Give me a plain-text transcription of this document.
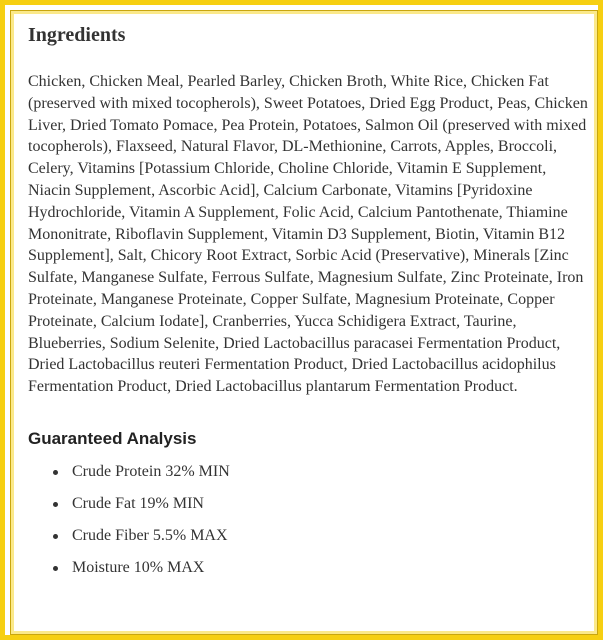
Ingredients

Chicken, Chicken Meal, Pearled Barley, Chicken Broth, White Rice, Chicken Fat (preserved with mixed tocopherols), Sweet Potatoes, Dried Egg Product, Peas, Chicken Liver, Dried Tomato Pomace, Pea Protein, Potatoes, Salmon Oil (preserved with mixed tocopherols), Flaxseed, Natural Flavor, DL-Methionine, Carrots, Apples, Broccoli, Celery, Vitamins [Potassium Chloride, Choline Chloride, Vitamin E Supplement, Niacin Supplement, Ascorbic Acid], Calcium Carbonate, Vitamins [Pyridoxine Hydrochloride, Vitamin A Supplement, Folic Acid, Calcium Pantothenate, Thiamine Mononitrate, Riboflavin Supplement, Vitamin D3 Supplement, Biotin, Vitamin B12 Supplement], Salt, Chicory Root Extract, Sorbic Acid (Preservative), Minerals [Zinc Sulfate, Manganese Sulfate, Ferrous Sulfate, Magnesium Sulfate, Zinc Proteinate, Iron Proteinate, Manganese Proteinate, Copper Sulfate, Magnesium Proteinate, Copper Proteinate, Calcium Iodate], Cranberries, Yucca Schidigera Extract, Taurine, Blueberries, Sodium Selenite, Dried Lactobacillus paracasei Fermentation Product, Dried Lactobacillus reuteri Fermentation Product, Dried Lactobacillus acidophilus Fermentation Product, Dried Lactobacillus plantarum Fermentation Product.

Guaranteed Analysis
Crude Protein 32% MIN
Crude Fat 19% MIN
Crude Fiber 5.5% MAX
Moisture 10% MAX
